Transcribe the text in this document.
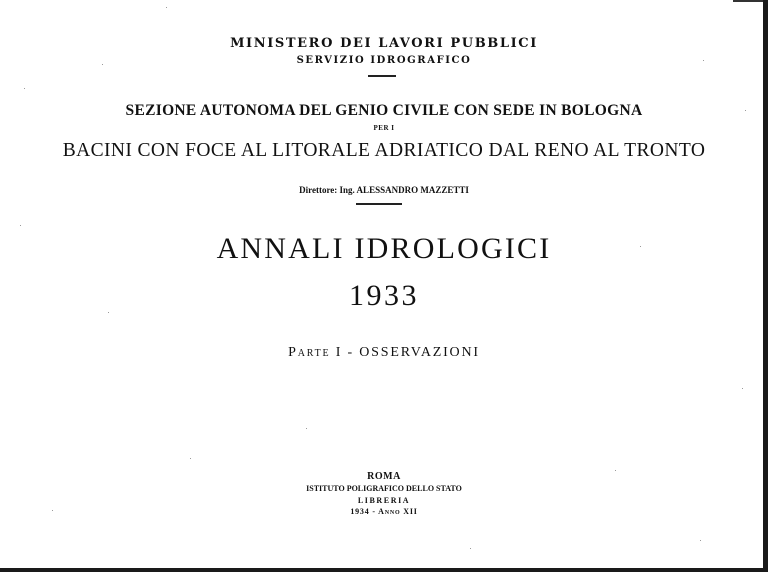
MINISTERO DEI LAVORI PUBBLICI
SERVIZIO IDROGRAFICO
SEZIONE AUTONOMA DEL GENIO CIVILE CON SEDE IN BOLOGNA
PER I
BACINI CON FOCE AL LITORALE ADRIATICO DAL RENO AL TRONTO
Direttore: Ing. ALESSANDRO MAZZETTI
ANNALI IDROLOGICI
1933
Parte I - OSSERVAZIONI
ROMA
ISTITUTO POLIGRAFICO DELLO STATO
LIBRERIA
1934 - Anno XII
